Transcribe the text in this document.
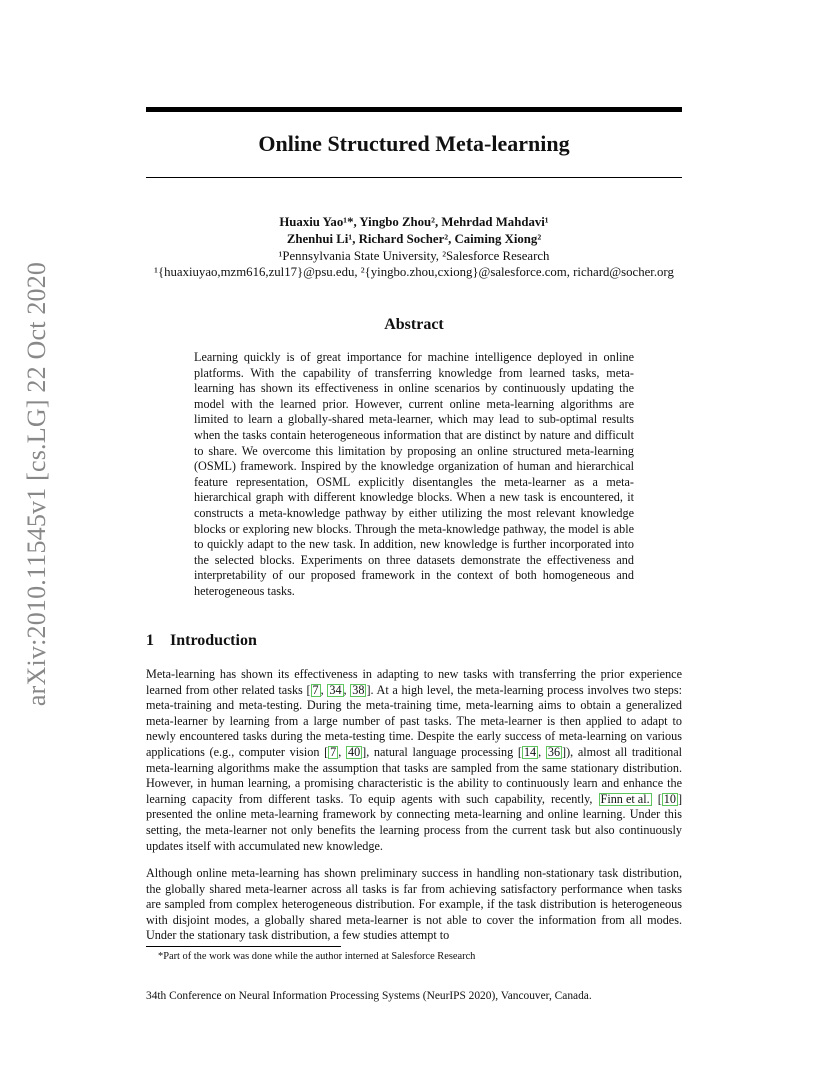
arXiv:2010.11545v1 [cs.LG] 22 Oct 2020
Online Structured Meta-learning
Huaxiu Yao¹*, Yingbo Zhou², Mehrdad Mahdavi¹
Zhenhui Li¹, Richard Socher², Caiming Xiong²
¹Pennsylvania State University, ²Salesforce Research
¹{huaxiuyao,mzm616,zul17}@psu.edu, ²{yingbo.zhou,cxiong}@salesforce.com, richard@socher.org
Abstract
Learning quickly is of great importance for machine intelligence deployed in online platforms. With the capability of transferring knowledge from learned tasks, meta-learning has shown its effectiveness in online scenarios by continuously updating the model with the learned prior. However, current online meta-learning algorithms are limited to learn a globally-shared meta-learner, which may lead to sub-optimal results when the tasks contain heterogeneous information that are distinct by nature and difficult to share. We overcome this limitation by proposing an online structured meta-learning (OSML) framework. Inspired by the knowledge organization of human and hierarchical feature representation, OSML explicitly disentangles the meta-learner as a meta-hierarchical graph with different knowledge blocks. When a new task is encountered, it constructs a meta-knowledge pathway by either utilizing the most relevant knowledge blocks or exploring new blocks. Through the meta-knowledge pathway, the model is able to quickly adapt to the new task. In addition, new knowledge is further incorporated into the selected blocks. Experiments on three datasets demonstrate the effectiveness and interpretability of our proposed framework in the context of both homogeneous and heterogeneous tasks.
1 Introduction
Meta-learning has shown its effectiveness in adapting to new tasks with transferring the prior experience learned from other related tasks [ 7 , 34 , 38 ]. At a high level, the meta-learning process involves two steps: meta-training and meta-testing. During the meta-training time, meta-learning aims to obtain a generalized meta-learner by learning from a large number of past tasks. The meta-learner is then applied to adapt to newly encountered tasks during the meta-testing time. Despite the early success of meta-learning on various applications (e.g., computer vision [ 7 , 40 ], natural language processing [ 14 , 36 ]), almost all traditional meta-learning algorithms make the assumption that tasks are sampled from the same stationary distribution. However, in human learning, a promising characteristic is the ability to continuously learn and enhance the learning capacity from different tasks. To equip agents with such capability, recently, Finn et al. [ 10 ] presented the online meta-learning framework by connecting meta-learning and online learning. Under this setting, the meta-learner not only benefits the learning process from the current task but also continuously updates itself with accumulated new knowledge.
Although online meta-learning has shown preliminary success in handling non-stationary task distribution, the globally shared meta-learner across all tasks is far from achieving satisfactory performance when tasks are sampled from complex heterogeneous distribution. For example, if the task distribution is heterogeneous with disjoint modes, a globally shared meta-learner is not able to cover the information from all modes. Under the stationary task distribution, a few studies attempt to
*Part of the work was done while the author interned at Salesforce Research
34th Conference on Neural Information Processing Systems (NeurIPS 2020), Vancouver, Canada.
